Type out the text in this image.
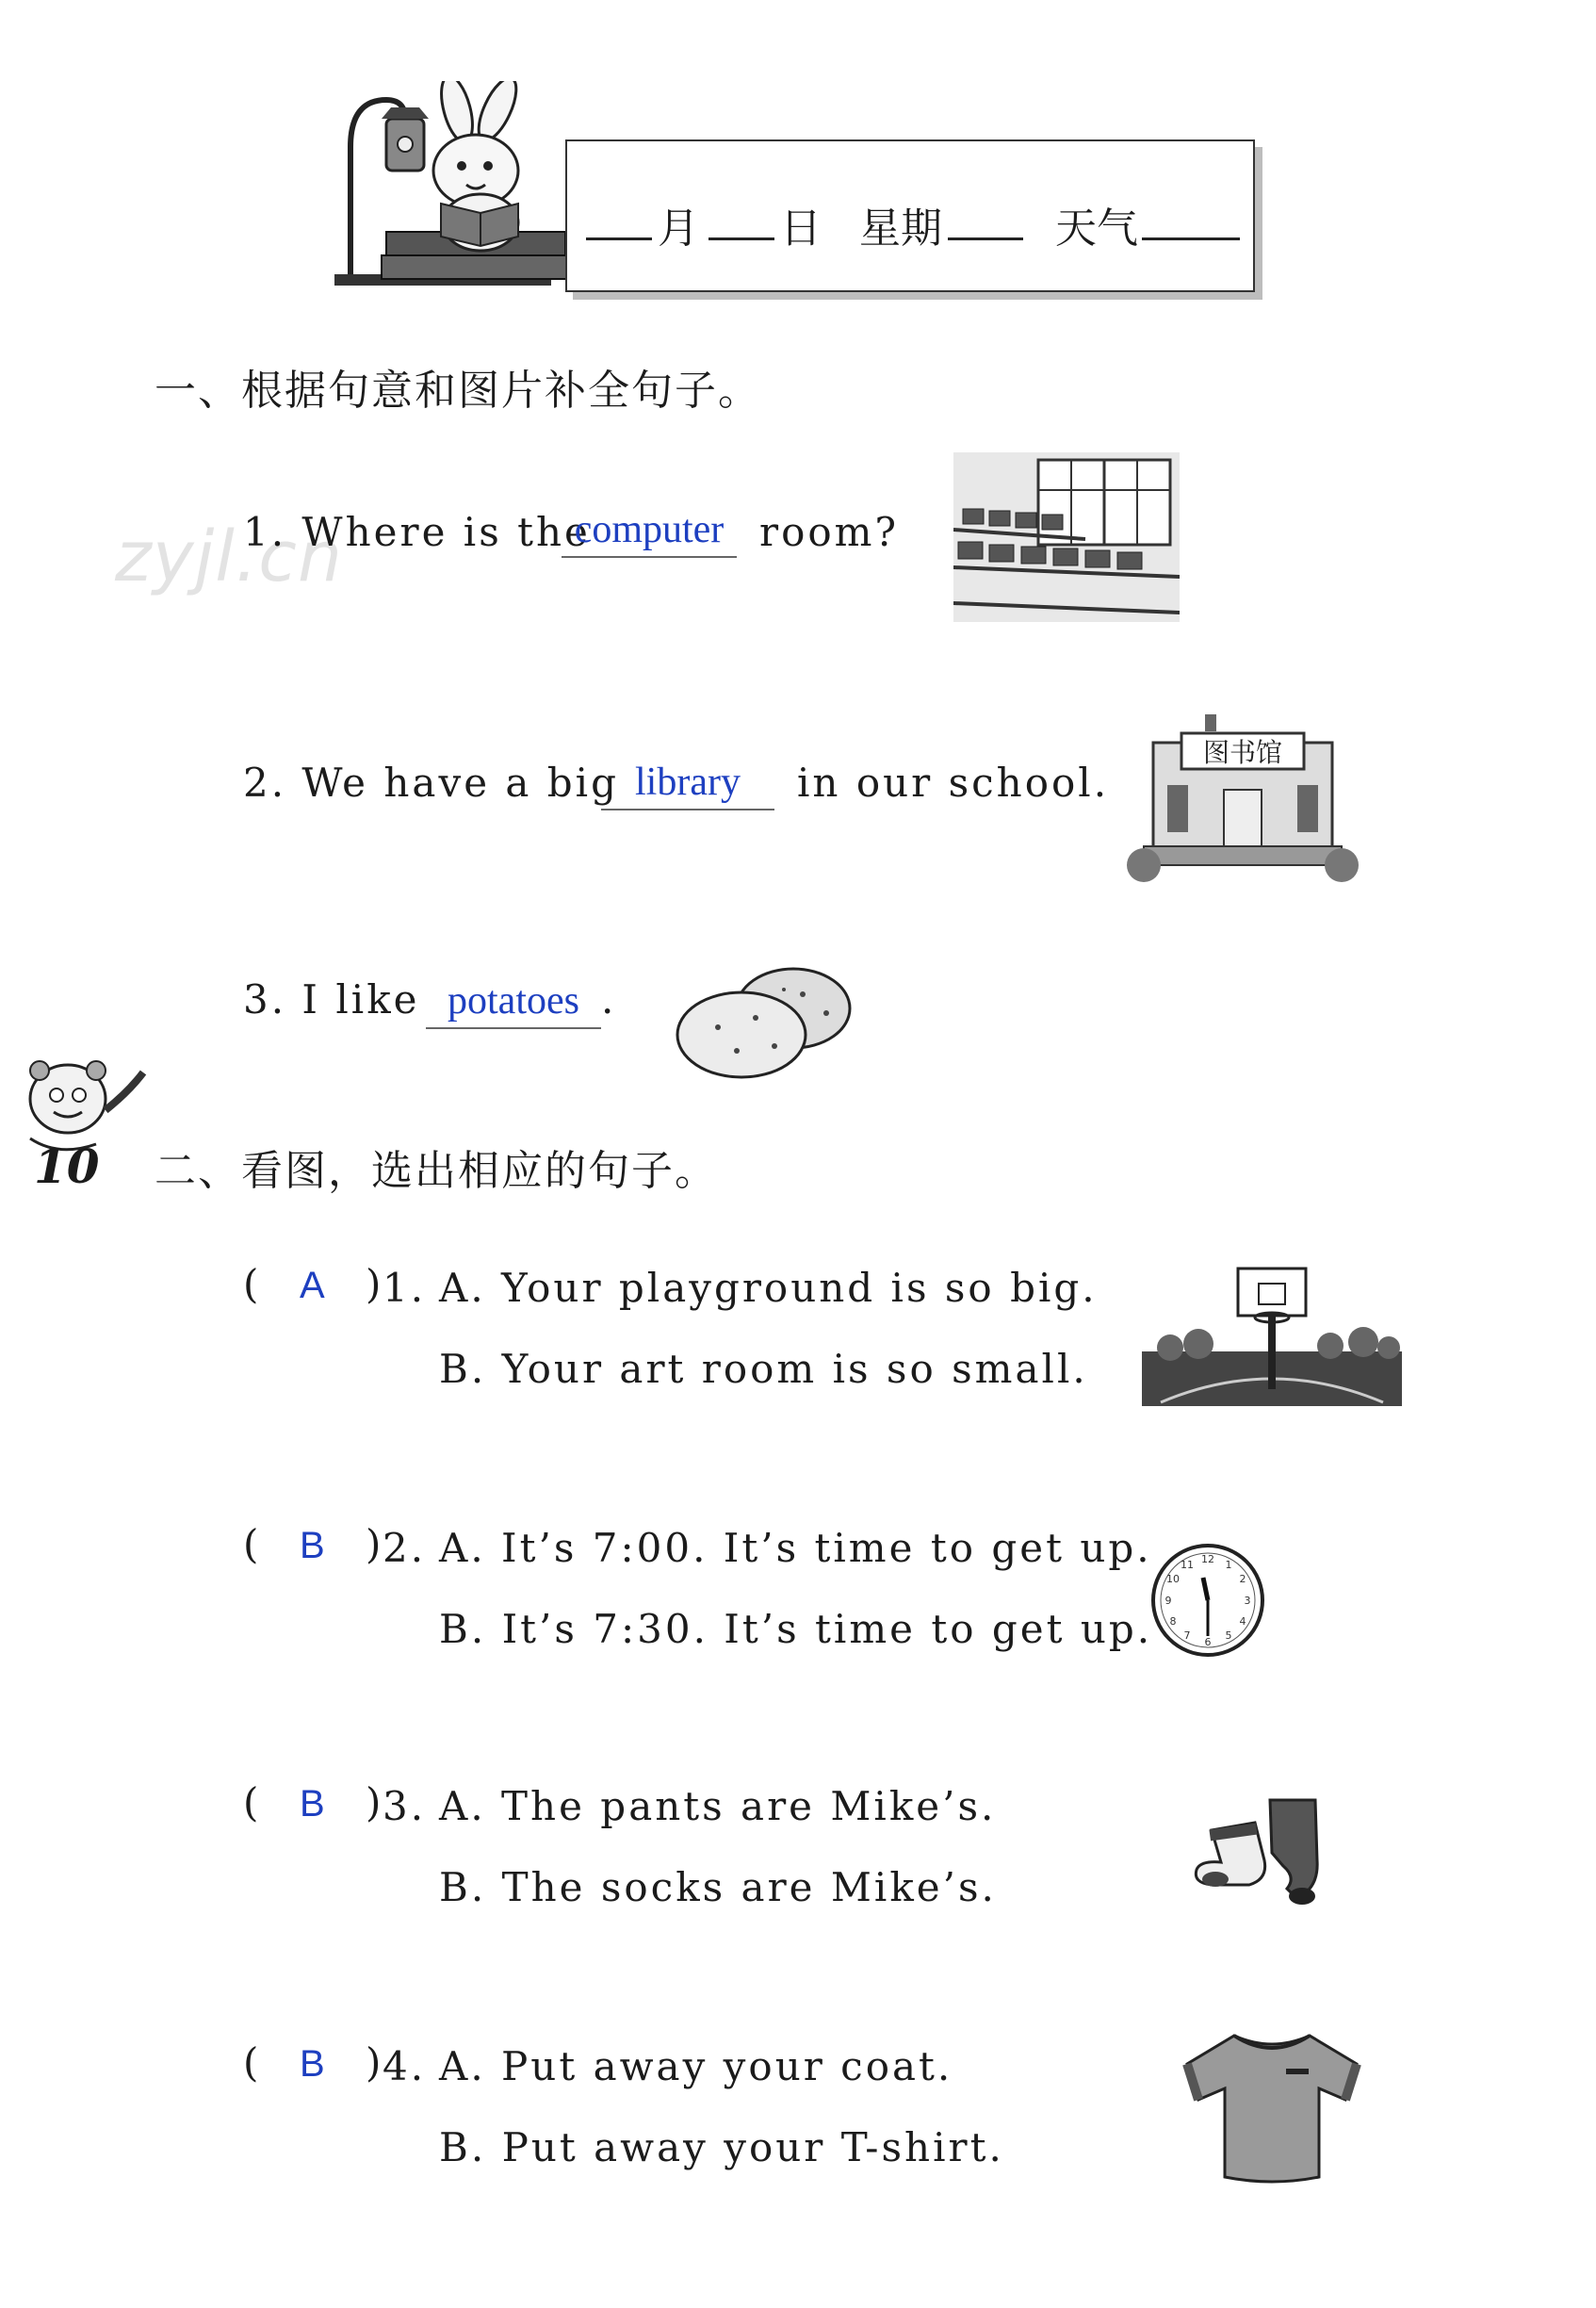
月 日 星期	天气
一、根据句意和图片补全句子。
zyjl.cn
1. Where is the
computer room?
2. We have a big library	in our school.
图书馆
3. I like potatoes .
10 二、看图，选出相应的句子。
( A ) 1. A. Your playground is so big.
B. Your art room is so small.
( B ) 2. A. It’s 7:00. It’s time to get up.
B. It’s 7:30. It’s time to get up.
12 1
2
3
4
5
6
7
8
9
10
11
( B ) 3. A. The pants are Mike’s.
B. The socks are Mike’s.
( B ) 4. A. Put away your coat.
B. Put away your T-shirt.
